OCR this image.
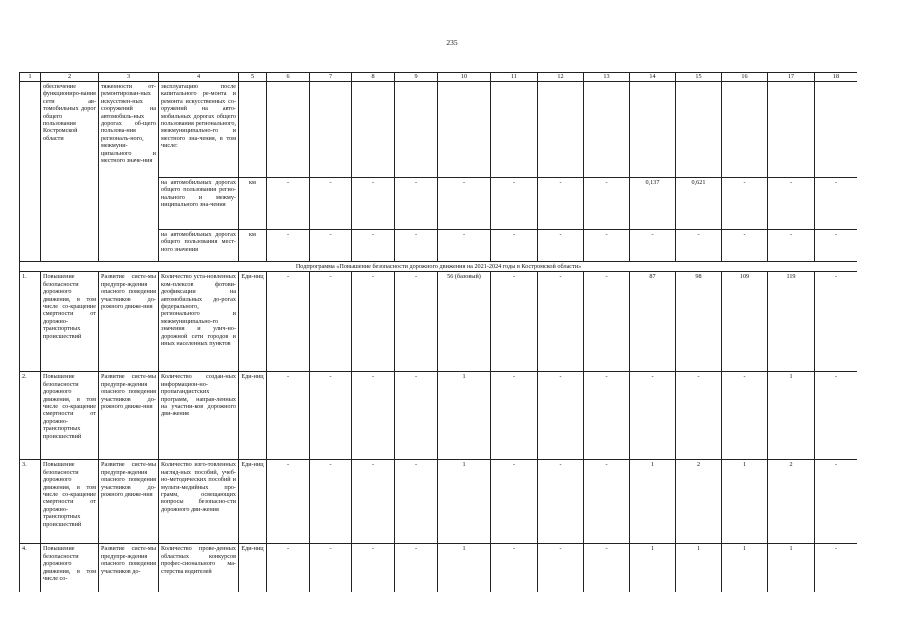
235
1	2	3	4	5	6	7	8	9	10	11	12	13	14	15	16	17	18
	обеспечение функциониро-вания сети ав-томобильных дорог общего пользования Костромской области	тяженности от-ремонтирован-ных искусствен-ных сооружений на автомобиль-ных дорогах об-щего пользова-ния регионалъ-ного, межмуни-ципального и местного значе-ния	эксплуатацию после капитального ре-монта и ремонта искусственных со-оружений на авто-мобильных дорогах общего пользования регионального, межмуниципально-го и местного зна-чения, в том числе:														
			на автомобильных дорогах общего пользования регио-нального и межму-ниципального зна-чения	км	-	-	-	-	-	-	-	-	0,137	0,621	-	-	-
			на автомобильных дорогах общего пользования мест-ного значения	км	-	-	-	-	-	-	-	-	-	-	-	-	-
Подпрограмма «Повышение безопасности дорожного движения на 2021-2024 годы в Костромской области»																	
1.	Повышение безопасности дорожного движения, в том числе со-кращение смертности от дорожно-транспортных происшествий	Развитие систе-мы предупре-ждения опасного поведения участников до-рожного движе-ния	Количество уста-новленных ком-плексов фотови-деофиксации на автомобильных до-рогах федерального, регионального и межмуниципально-го значения и улич-но-дорожной сети городов и иных населенных пунктов	Еди-ниц	-	-	-	-	56 (базовый)	-	-	-	87	98	109	119	-
2.	Повышение безопасности дорожного движения, в том числе со-кращение смертности от дорожно-транспортных происшествий	Развитие систе-мы предупре-ждения опасного поведения участников до-рожного движе-ния	Количество создан-ных информацион-но-пропагандистских программ, направ-ленных на участни-ков дорожного дви-жения	Еди-ниц	-	-	-	-	1	-	-	-	-	-	-	1	-
3.	Повышение безопасности дорожного движения, в том числе со-кращение смертности от дорожно-транспортных происшествий	Развитие систе-мы предупре-ждения опасного поведения участников до-рожного движе-ния	Количество изго-товленных нагляд-ных пособий, учеб-но-методических пособий и мульти-медийных про-грамм, освещающих вопросы безопасно-сти дорожного дви-жения	Еди-ниц	-	-	-	-	1	-	-	-	1	2	1	2	-
4.	Повышение безопасности дорожного движения, в том числе со-	Развитие систе-мы предупре-ждения опасного поведения участников до-	Количество прове-денных областных конкурсов профес-сионального ма-стерства водителей	Еди-ниц	-	-	-	-	1	-	-	-	1	1	1	1	-
